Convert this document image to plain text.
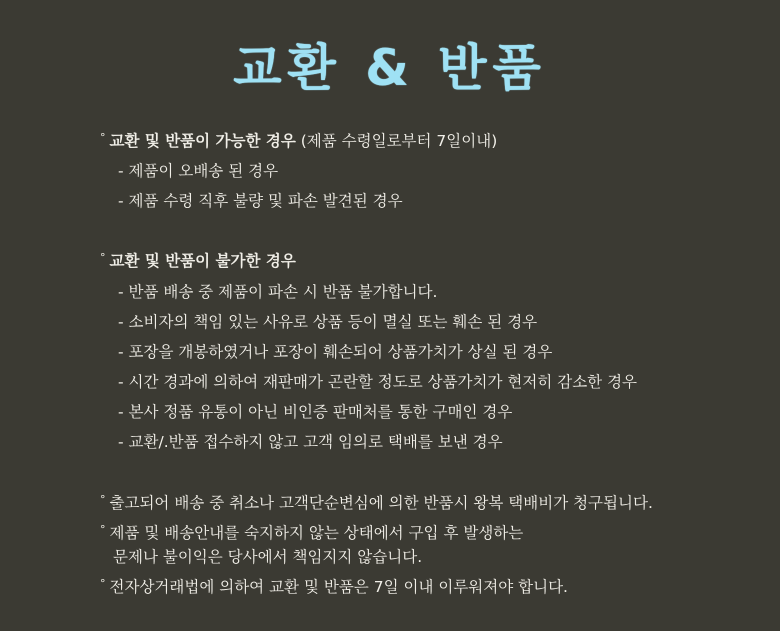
교환 & 반품
° 교환 및 반품이 가능한 경우 (제품 수령일로부터 7일이내)
- 제품이 오배송 된 경우
- 제품 수령 직후 불량 및 파손 발견된 경우
° 교환 및 반품이 불가한 경우
- 반품 배송 중 제품이 파손 시 반품 불가합니다.
- 소비자의 책임 있는 사유로 상품 등이 멸실 또는 훼손 된 경우
- 포장을 개봉하였거나 포장이 훼손되어 상품가치가 상실 된 경우
- 시간 경과에 의하여 재판매가 곤란할 정도로 상품가치가 현저히 감소한 경우
- 본사 정품 유통이 아닌 비인증 판매처를 통한 구매인 경우
- 교환/.반품 접수하지 않고 고객 임의로 택배를 보낸 경우
° 출고되어 배송 중 취소나 고객단순변심에 의한 반품시 왕복 택배비가 청구됩니다.
° 제품 및 배송안내를 숙지하지 않는 상태에서 구입 후 발생하는
문제나 불이익은 당사에서 책임지지 않습니다.
° 전자상거래법에 의하여 교환 및 반품은 7일 이내 이루워져야 합니다.
